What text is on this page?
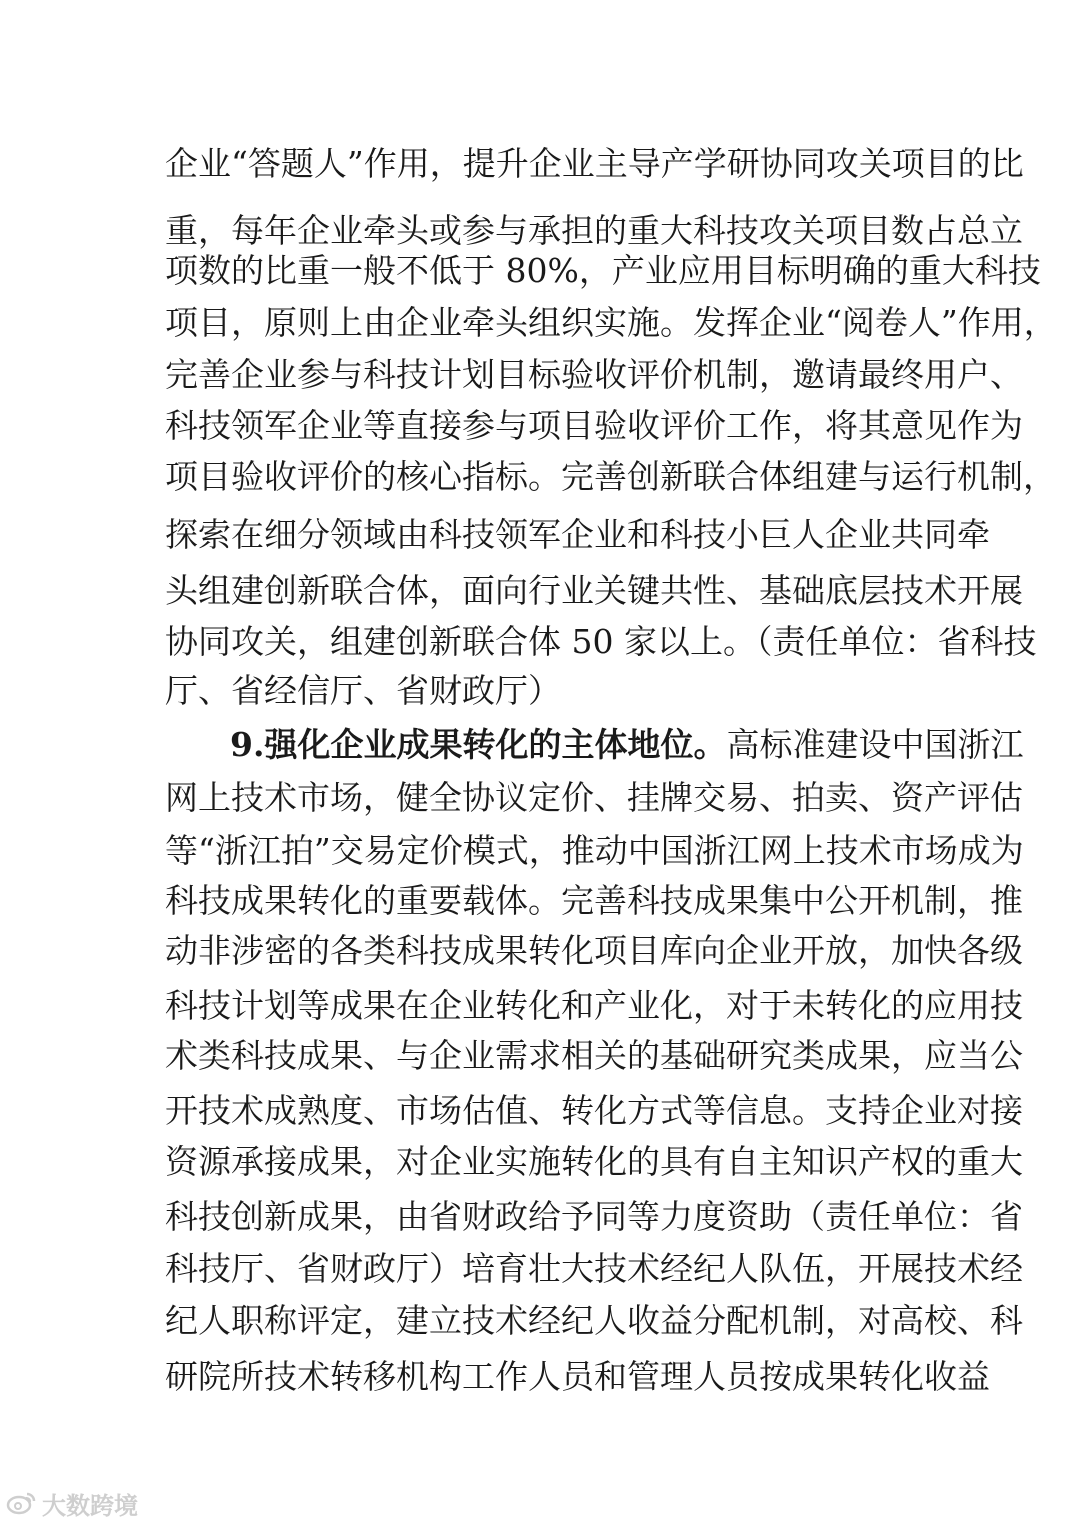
企业“答题人”作用，提升企业主导产学研协同攻关项目的比
重，每年企业牵头或参与承担的重大科技攻关项目数占总立
项数的比重一般不低于 80%，产业应用目标明确的重大科技
项目，原则上由企业牵头组织实施。发挥企业“阅卷人”作用，
完善企业参与科技计划目标验收评价机制，邀请最终用户、
科技领军企业等直接参与项目验收评价工作，将其意见作为
项目验收评价的核心指标。完善创新联合体组建与运行机制，
探索在细分领域由科技领军企业和科技小巨人企业共同牵
头组建创新联合体，面向行业关键共性、基础底层技术开展
协同攻关，组建创新联合体 50 家以上。（责任单位：省科技
厅、省经信厅、省财政厅）
9.强化企业成果转化的主体地位。高标准建设中国浙江
网上技术市场，健全协议定价、挂牌交易、拍卖、资产评估
等“浙江拍”交易定价模式，推动中国浙江网上技术市场成为
科技成果转化的重要载体。完善科技成果集中公开机制，推
动非涉密的各类科技成果转化项目库向企业开放，加快各级
科技计划等成果在企业转化和产业化，对于未转化的应用技
术类科技成果、与企业需求相关的基础研究类成果，应当公
开技术成熟度、市场估值、转化方式等信息。支持企业对接
资源承接成果，对企业实施转化的具有自主知识产权的重大
科技创新成果，由省财政给予同等力度资助（责任单位：省
科技厅、省财政厅）培育壮大技术经纪人队伍，开展技术经
纪人职称评定，建立技术经纪人收益分配机制，对高校、科
研院所技术转移机构工作人员和管理人员按成果转化收益
大数跨境
